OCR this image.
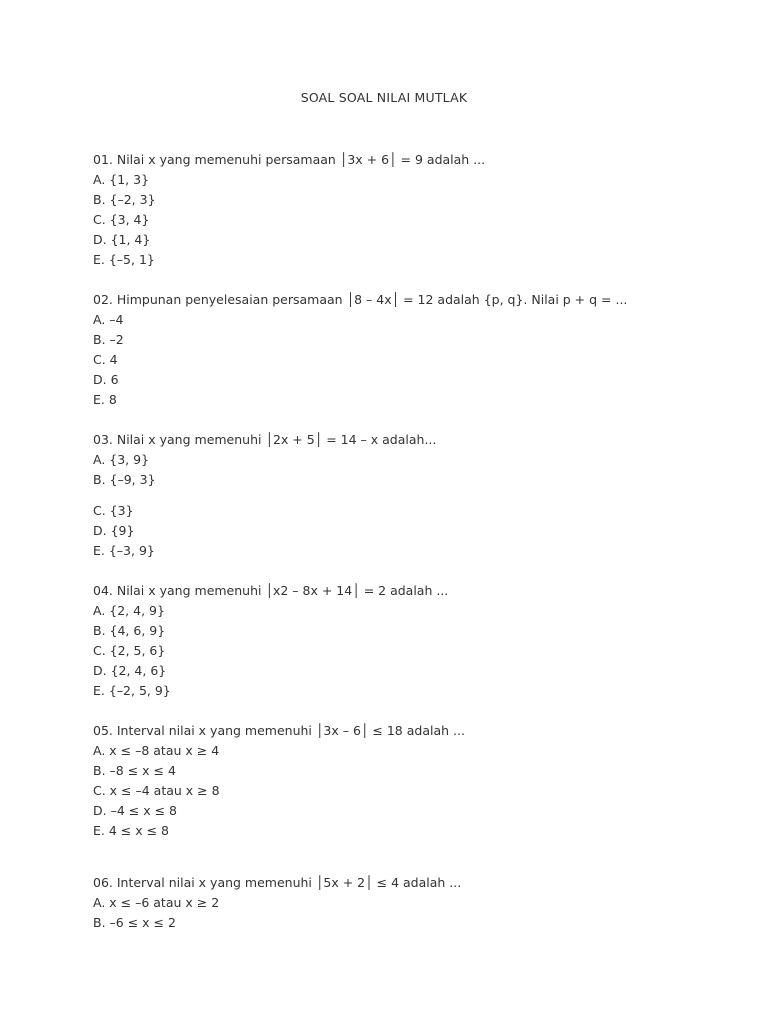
SOAL SOAL NILAI MUTLAK
01. Nilai x yang memenuhi persamaan │3x + 6│ = 9 adalah ...
A. {1, 3}
B. {–2, 3}
C. {3, 4}
D. {1, 4}
E. {–5, 1}
02. Himpunan penyelesaian persamaan │8 – 4x│ = 12 adalah {p, q}. Nilai p + q = ...
A. –4
B. –2
C. 4
D. 6
E. 8
03. Nilai x yang memenuhi │2x + 5│ = 14 – x adalah...
A. {3, 9}
B. {–9, 3}
C. {3}
D. {9}
E. {–3, 9}
04. Nilai x yang memenuhi │x2 – 8x + 14│ = 2 adalah ...
A. {2, 4, 9}
B. {4, 6, 9}
C. {2, 5, 6}
D. {2, 4, 6}
E. {–2, 5, 9}
05. Interval nilai x yang memenuhi │3x – 6│ ≤ 18 adalah ...
A. x ≤ –8 atau x ≥ 4
B. –8 ≤ x ≤ 4
C. x ≤ –4 atau x ≥ 8
D. –4 ≤ x ≤ 8
E. 4 ≤ x ≤ 8
06. Interval nilai x yang memenuhi │5x + 2│ ≤ 4 adalah ...
A. x ≤ –6 atau x ≥ 2
B. –6 ≤ x ≤ 2
